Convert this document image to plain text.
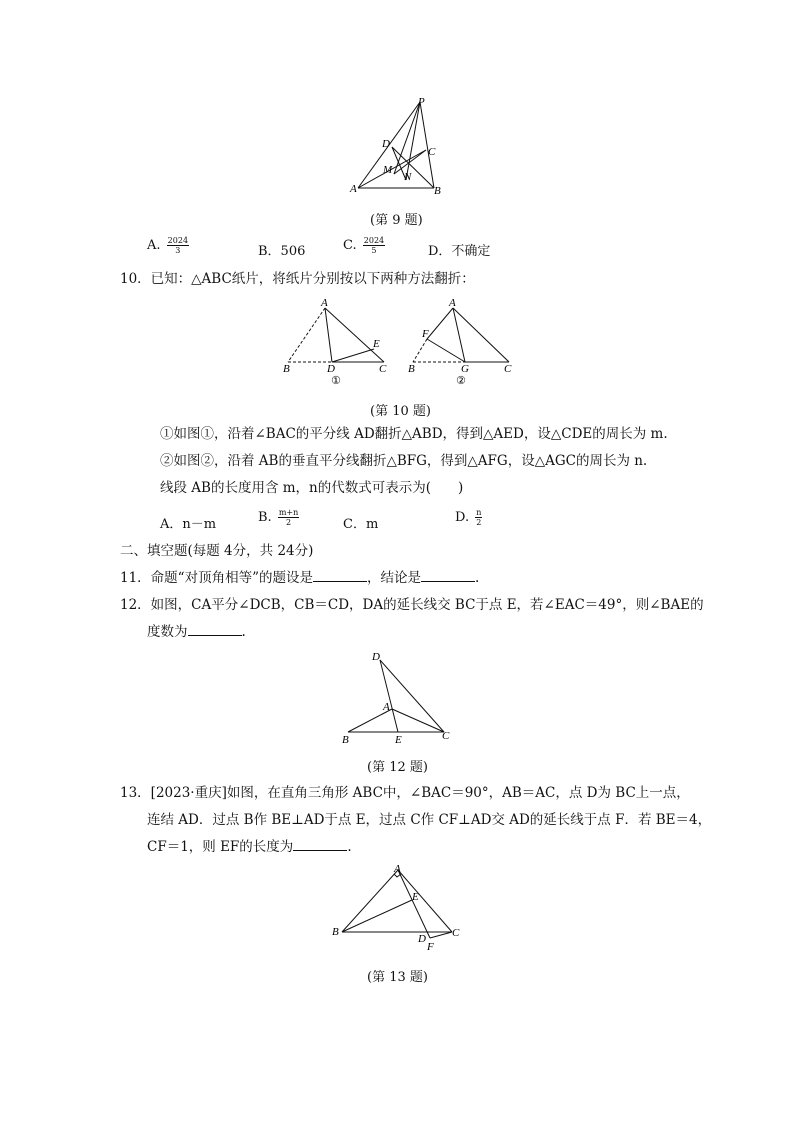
P
D
C
M
N
A	B
(第 9 题)
A. $\frac{2024}{3}$	B．506	C. $\frac{2024}{5}$	D．不确定
10．已知：△ABC纸片，将纸片分别按以下两种方法翻折：
A
E
B	D	C
①
A
F
B	G	C
②
(第 10 题)
①如图①，沿着∠BAC的平分线 AD翻折△ABD，得到△AED，设△CDE的周长为 m.
②如图②，沿着 AB的垂直平分线翻折△BFG，得到△AFG，设△AGC的周长为 n.
线段 AB的长度用含 m，n的代数式可表示为(　　)
A．n－m	B. $\frac{m+n}{2}$	C．m	D. $\frac{n}{2}$
二、填空题(每题 4分，共 24分)
11．命题“对顶角相等”的题设是	，结论是	.
12．如图，CA平分∠DCB，CB＝CD，DA的延长线交 BC于点 E，若∠EAC＝49°，则∠BAE的
度数为	.
D
A
B	E	C
(第 12 题)
13．[2023·重庆]如图，在直角三角形 ABC中，∠BAC＝90°，AB＝AC，点 D为 BC上一点，
连结 AD．过点 B作 BE⊥AD于点 E，过点 C作 CF⊥AD交 AD的延长线于点 F．若 BE＝4，
CF＝1，则 EF的长度为	.
A
E
B
D
F
C
(第 13 题)
